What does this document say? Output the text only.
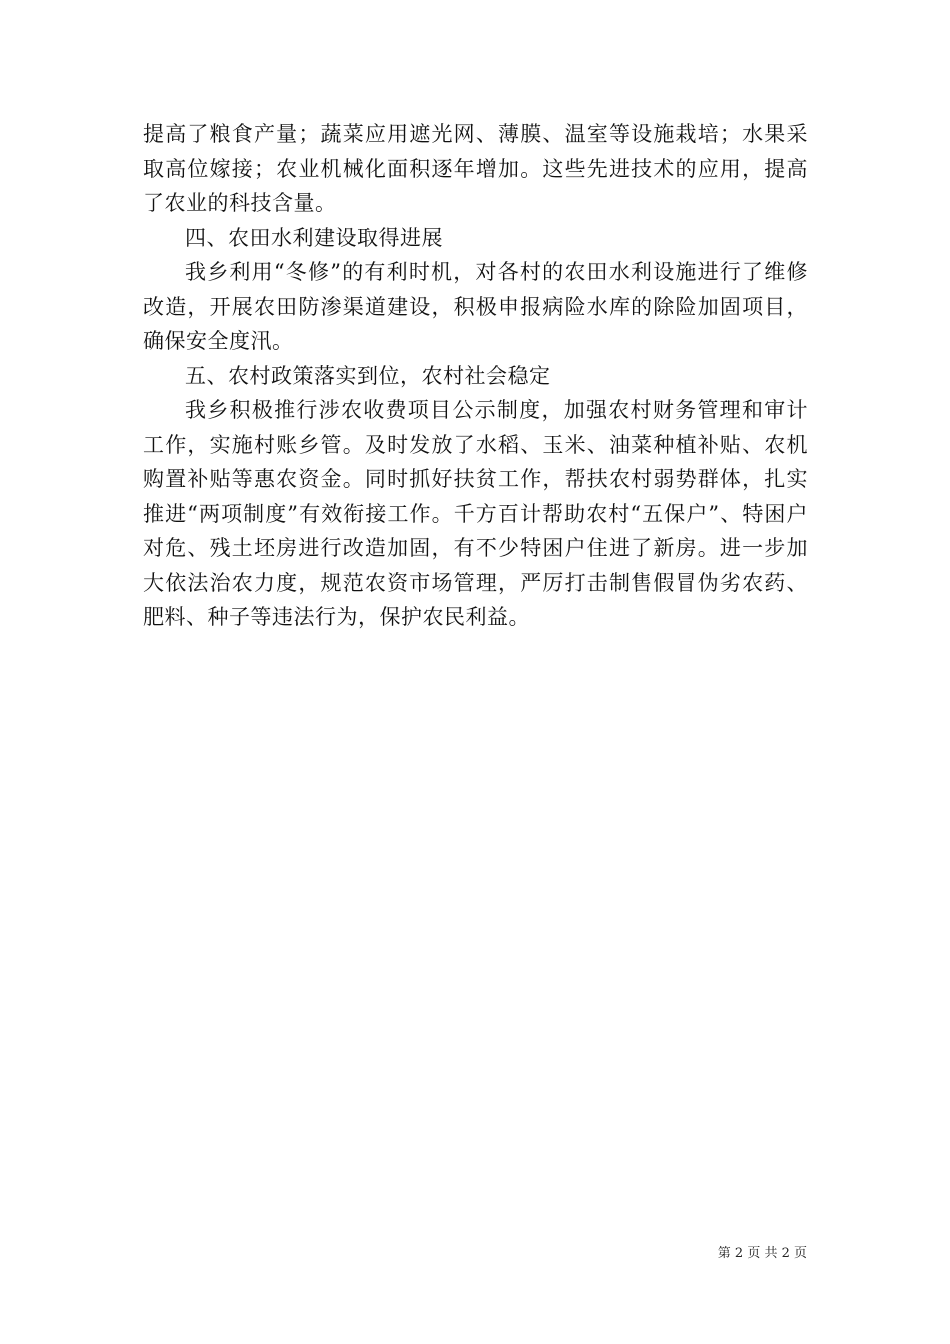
提高了粮食产量；蔬菜应用遮光网、薄膜、温室等设施栽培；水果采取高位嫁接；农业机械化面积逐年增加。这些先进技术的应用，提高了农业的科技含量。

四、农田水利建设取得进展

我乡利用“冬修”的有利时机，对各村的农田水利设施进行了维修改造，开展农田防渗渠道建设，积极申报病险水库的除险加固项目，确保安全度汛。

五、农村政策落实到位，农村社会稳定

我乡积极推行涉农收费项目公示制度，加强农村财务管理和审计工作，实施村账乡管。及时发放了水稻、玉米、油菜种植补贴、农机购置补贴等惠农资金。同时抓好扶贫工作，帮扶农村弱势群体，扎实推进“两项制度”有效衔接工作。千方百计帮助农村“五保户”、特困户对危、残土坯房进行改造加固，有不少特困户住进了新房。进一步加大依法治农力度，规范农资市场管理，严厉打击制售假冒伪劣农药、肥料、种子等违法行为，保护农民利益。

第 2 页 共 2 页
